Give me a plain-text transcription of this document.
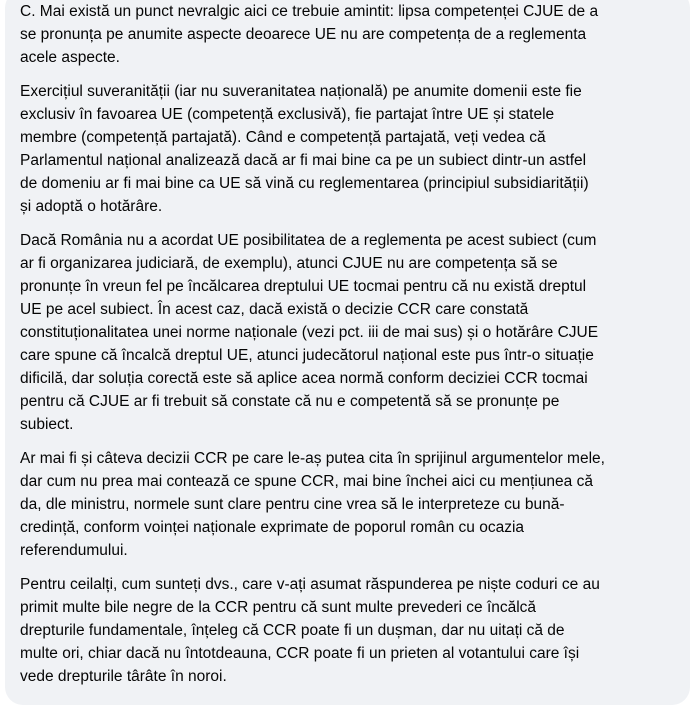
C. Mai există un punct nevralgic aici ce trebuie amintit: lipsa competenței CJUE de a
se pronunța pe anumite aspecte deoarece UE nu are competența de a reglementa
acele aspecte.
Exercițiul suveranității (iar nu suveranitatea națională) pe anumite domenii este fie
exclusiv în favoarea UE (competență exclusivă), fie partajat între UE și statele
membre (competență partajată). Când e competență partajată, veți vedea că
Parlamentul național analizează dacă ar fi mai bine ca pe un subiect dintr-un astfel
de domeniu ar fi mai bine ca UE să vină cu reglementarea (principiul subsidiarității)
și adoptă o hotărâre.
Dacă România nu a acordat UE posibilitatea de a reglementa pe acest subiect (cum
ar fi organizarea judiciară, de exemplu), atunci CJUE nu are competența să se
pronunțe în vreun fel pe încălcarea dreptului UE tocmai pentru că nu există dreptul
UE pe acel subiect. În acest caz, dacă există o decizie CCR care constată
constituționalitatea unei norme naționale (vezi pct. iii de mai sus) și o hotărâre CJUE
care spune că încalcă dreptul UE, atunci judecătorul național este pus într-o situație
dificilă, dar soluția corectă este să aplice acea normă conform deciziei CCR tocmai
pentru că CJUE ar fi trebuit să constate că nu e competentă să se pronunțe pe
subiect.
Ar mai fi și câteva decizii CCR pe care le-aș putea cita în sprijinul argumentelor mele,
dar cum nu prea mai contează ce spune CCR, mai bine închei aici cu mențiunea că
da, dle ministru, normele sunt clare pentru cine vrea să le interpreteze cu bună-
credință, conform voinței naționale exprimate de poporul român cu ocazia
referendumului.
Pentru ceilalți, cum sunteți dvs., care v-ați asumat răspunderea pe niște coduri ce au
primit multe bile negre de la CCR pentru că sunt multe prevederi ce încălcă
drepturile fundamentale, înțeleg că CCR poate fi un dușman, dar nu uitați că de
multe ori, chiar dacă nu întotdeauna, CCR poate fi un prieten al votantului care își
vede drepturile târâte în noroi.
